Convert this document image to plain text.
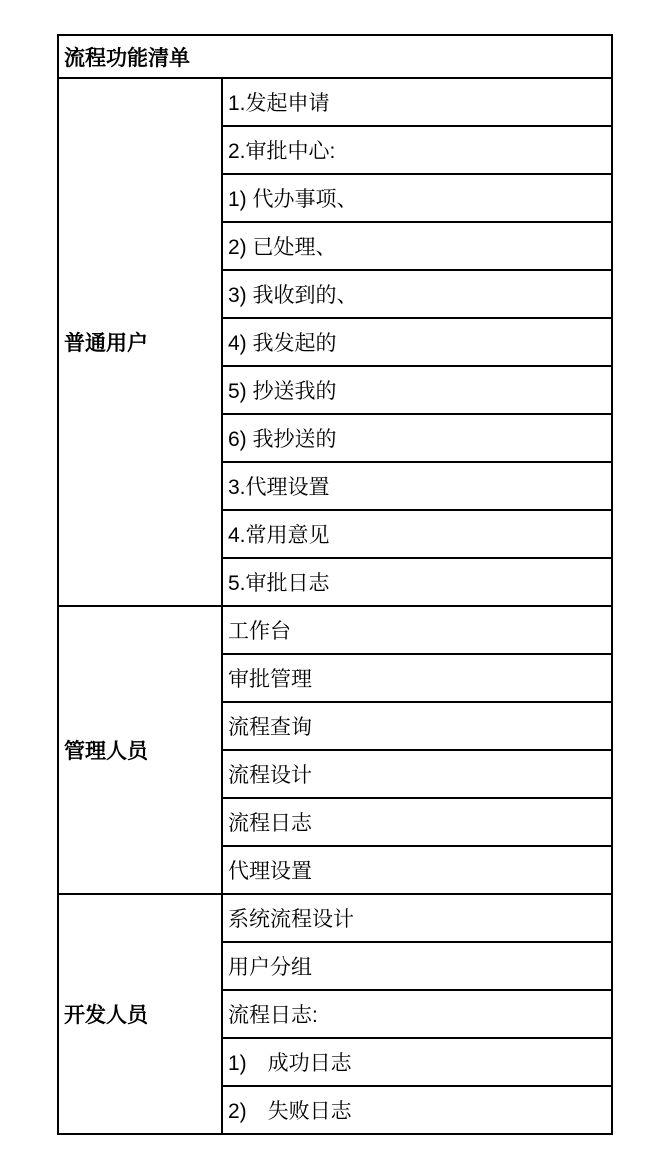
流程功能清单	
普通用户	1.发起申请
	2.审批中心:
	1) 代办事项、
	2) 已处理、
	3) 我收到的、
	4) 我发起的
	5) 抄送我的
	6) 我抄送的
	3.代理设置
	4.常用意见
	5.审批日志
管理人员	工作台
	审批管理
	流程查询
	流程设计
	流程日志
	代理设置
开发人员	系统流程设计
	用户分组
	流程日志:
	1)　成功日志
	2)　失败日志
